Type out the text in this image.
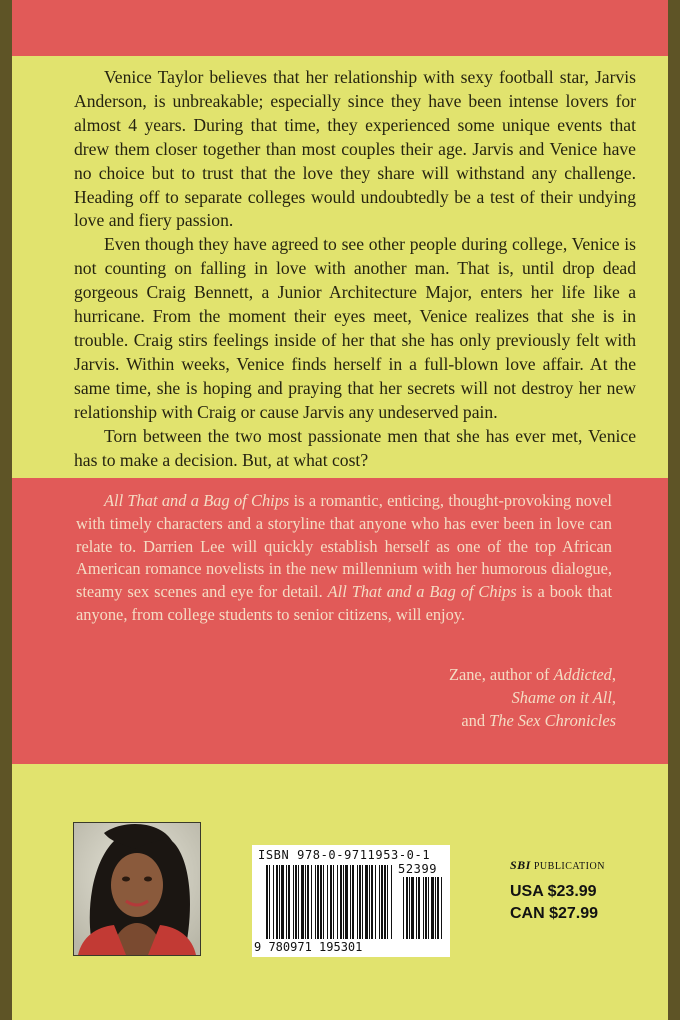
Venice Taylor believes that her relationship with sexy football star, Jarvis Anderson, is unbreakable; especially since they have been intense lovers for almost 4 years. During that time, they experienced some unique events that drew them closer together than most couples their age. Jarvis and Venice have no choice but to trust that the love they share will withstand any challenge. Heading off to separate colleges would undoubtedly be a test of their undying love and fiery passion.

Even though they have agreed to see other people during college, Venice is not counting on falling in love with another man. That is, until drop dead gorgeous Craig Bennett, a Junior Architecture Major, enters her life like a hurricane. From the moment their eyes meet, Venice realizes that she is in trouble. Craig stirs feelings inside of her that she has only previously felt with Jarvis. Within weeks, Venice finds herself in a full-blown love affair. At the same time, she is hoping and praying that her secrets will not destroy her new relationship with Craig or cause Jarvis any undeserved pain.

Torn between the two most passionate men that she has ever met, Venice has to make a decision. But, at what cost?

All That and a Bag of Chips is a romantic, enticing, thought-provoking novel with timely characters and a storyline that anyone who has ever been in love can relate to. Darrien Lee will quickly establish herself as one of the top African American romance novelists in the new millennium with her humorous dialogue, steamy sex scenes and eye for detail. All That and a Bag of Chips is a book that anyone, from college students to senior citizens, will enjoy.

Zane, author of Addicted,
Shame on it All,
and The Sex Chronicles
ISBN 978-0-9711953-0-1
52399
9 780971 195301
SBI PUBLICATION
USA $23.99
CAN $27.99
